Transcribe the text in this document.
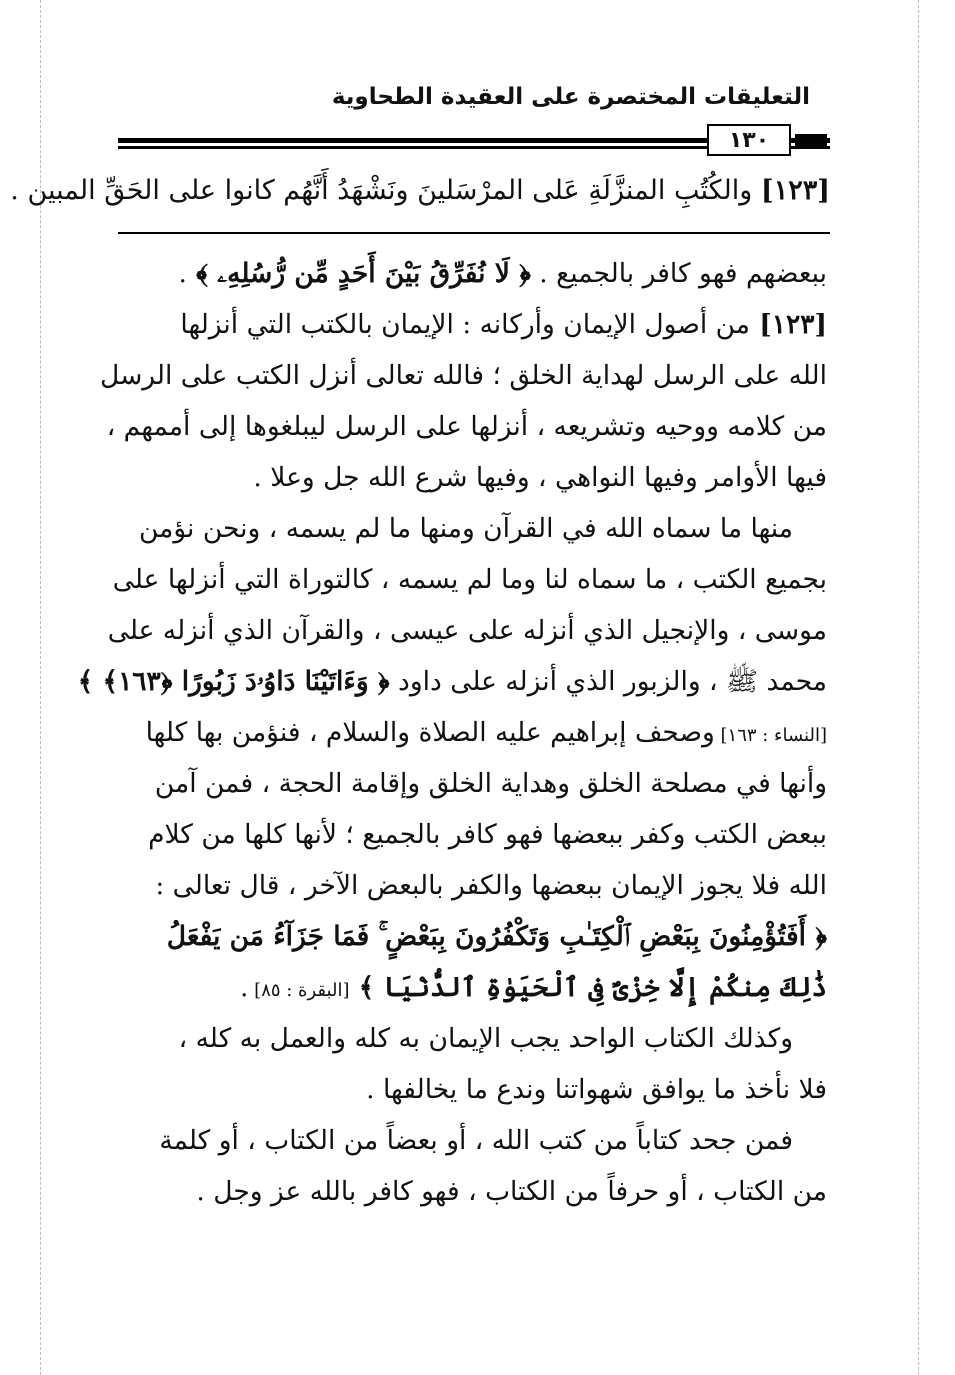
التعليقات المختصرة على العقيدة الطحاوية
١٣٠
[١٢٣] والكُتُبِ المنزَّلَةِ عَلى المرْسَلينَ ونَشْهَدُ أَنَّهُم كانوا على الحَقِّ المبين .
ببعضهم فهو كافر بالجميع . ﴿ لَا نُفَرِّقُ بَيْنَ أَحَدٍ مِّن رُّسُلِهِۦ ﴾ .
[١٢٣] من أصول الإيمان وأركانه : الإيمان بالكتب التي أنزلها
الله على الرسل لهداية الخلق ؛ فالله تعالى أنزل الكتب على الرسل
من كلامه ووحيه وتشريعه ، أنزلها على الرسل ليبلغوها إلى أممهم ،
فيها الأوامر وفيها النواهي ، وفيها شرع الله جل وعلا .
منها ما سماه الله في القرآن ومنها ما لم يسمه ، ونحن نؤمن
بجميع الكتب ، ما سماه لنا وما لم يسمه ، كالتوراة التي أنزلها على
موسى ، والإنجيل الذي أنزله على عيسى ، والقرآن الذي أنزله على
محمد ﷺ ، والزبور الذي أنزله على داود ﴿ وَءَاتَيْنَا دَاوُۥدَ زَبُورًا ﴿١٦٣﴾ ﴾
[النساء : ١٦٣] وصحف إبراهيم عليه الصلاة والسلام ، فنؤمن بها كلها
وأنها في مصلحة الخلق وهداية الخلق وإقامة الحجة ، فمن آمن
ببعض الكتب وكفر ببعضها فهو كافر بالجميع ؛ لأنها كلها من كلام
الله فلا يجوز الإيمان ببعضها والكفر بالبعض الآخر ، قال تعالى :
﴿ أَفَتُؤْمِنُونَ بِبَعْضِ ٱلْكِتَـٰبِ وَتَكْفُرُونَ بِبَعْضٍ ۚ فَمَا جَزَآءُ مَن يَفْعَلُ
ذَٰلِكَ مِنكُمْ إِلَّا خِزْىٌ فِى ٱلْحَيَوٰةِ ٱلدُّنْيَا ﴾ [البقرة : ٨٥] .
وكذلك الكتاب الواحد يجب الإيمان به كله والعمل به كله ،
فلا نأخذ ما يوافق شهواتنا وندع ما يخالفها .
فمن جحد كتاباً من كتب الله ، أو بعضاً من الكتاب ، أو كلمة
من الكتاب ، أو حرفاً من الكتاب ، فهو كافر بالله عز وجل .
